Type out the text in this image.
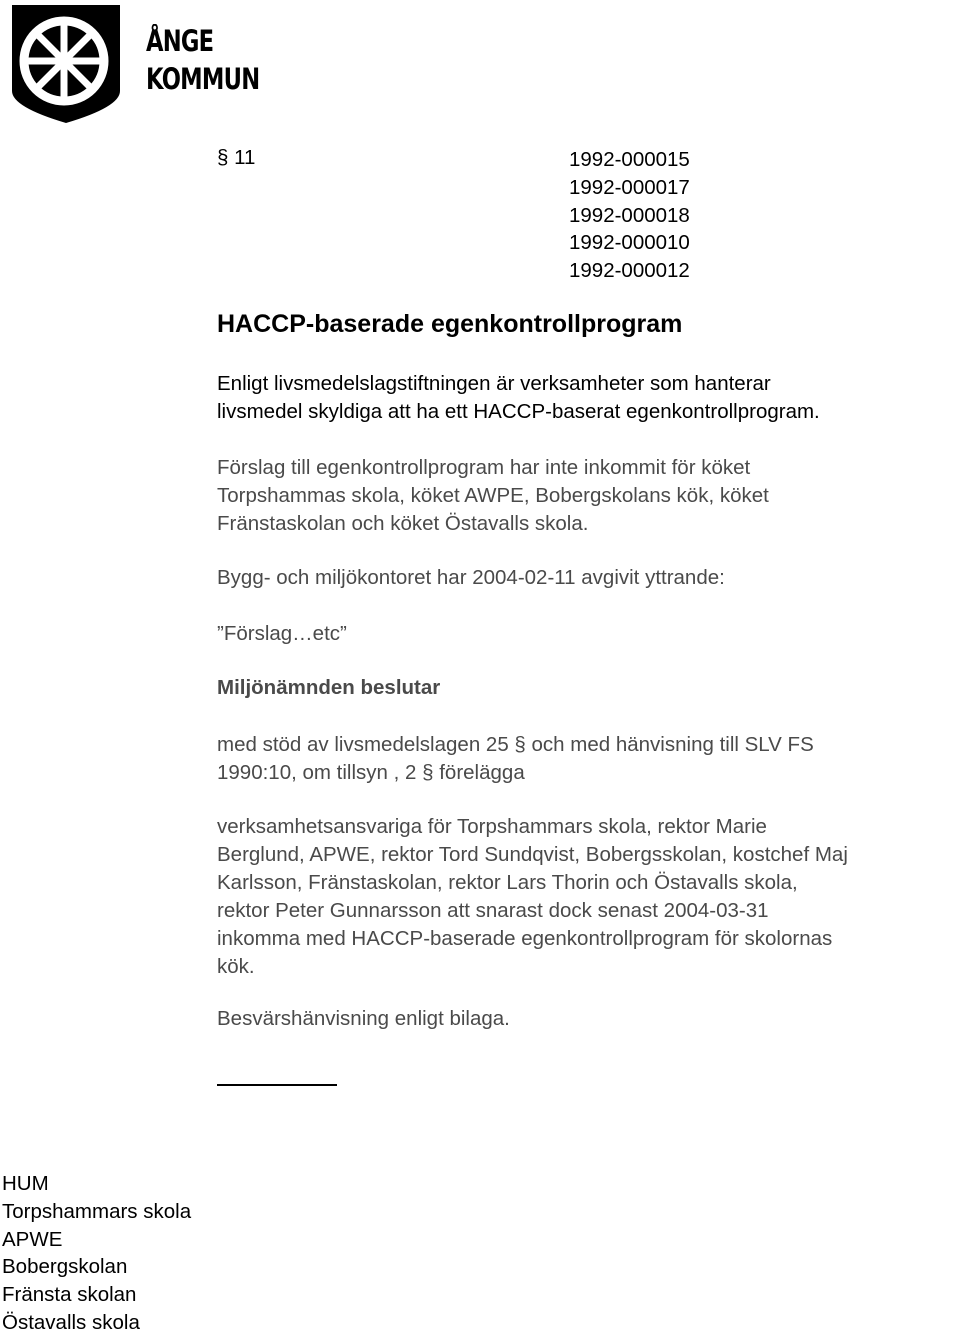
ÅNGE
KOMMUN
§ 11	1992-000015
1992-000017
1992-000018
1992-000010
1992-000012
HACCP-baserade egenkontrollprogram
Enligt livsmedelslagstiftningen är verksamheter som hanterar
livsmedel skyldiga att ha ett HACCP-baserat egenkontrollprogram.
Förslag till egenkontrollprogram har inte inkommit för köket
Torpshammas skola, köket AWPE, Bobergskolans kök, köket
Fränstaskolan och köket Östavalls skola.
Bygg- och miljökontoret har 2004-02-11 avgivit yttrande:
”Förslag…etc”
Miljönämnden beslutar
med stöd av livsmedelslagen 25 § och med hänvisning till SLV FS
1990:10, om tillsyn , 2 § förelägga
verksamhetsansvariga för Torpshammars skola, rektor Marie
Berglund, APWE, rektor Tord Sundqvist, Bobergsskolan, kostchef Maj
Karlsson, Fränstaskolan, rektor Lars Thorin och Östavalls skola,
rektor Peter Gunnarsson att snarast dock senast 2004-03-31
inkomma med HACCP-baserade egenkontrollprogram för skolornas
kök.
Besvärshänvisning enligt bilaga.
HUM
Torpshammars skola
APWE
Bobergskolan
Fränsta skolan
Östavalls skola
